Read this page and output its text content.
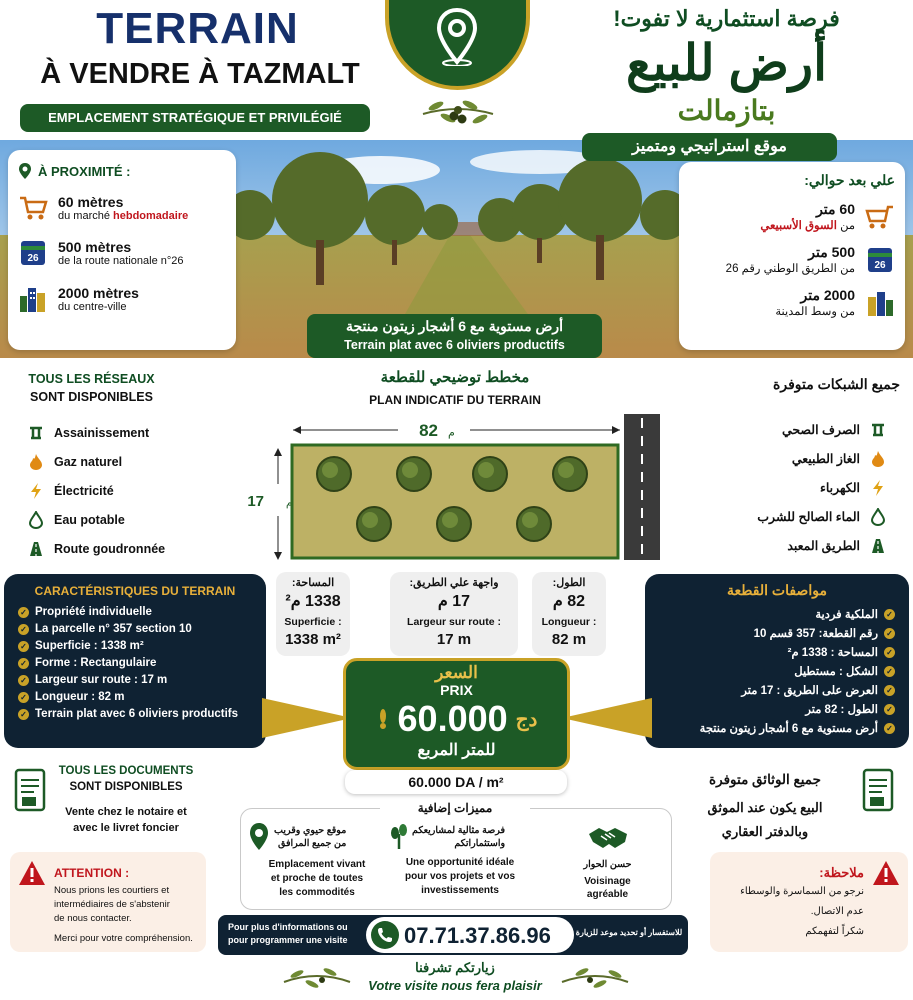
TERRAIN
À VENDRE À TAZMALT
EMPLACEMENT STRATÉGIQUE ET PRIVILÉGIÉ
فرصة استثمارية لا تفوت!
أرض للبيع
بتازمالت
موقع استراتيجي ومتميز
أرض مستوية مع 6 أشجار زيتون منتجة
Terrain plat avec 6 oliviers productifs
À PROXIMITÉ :
60 mètres
du marché hebdomadaire
26
500 mètres
de la route nationale n°26
2000 mètres
du centre-ville
علي بعد حوالي:
60 متر
من السوق الأسبيعي
26
500 متر
من الطريق الوطني رقم 26
2000 متر
من وسط المدينة
TOUS LES RÉSEAUX
SONT DISPONIBLES
Assainissement
Gaz naturel
Électricité
Eau potable
Route goudronnée
جميع الشبكات متوفرة
الصرف الصحي
الغاز الطبيعي
الكهرباء
الماء الصالح للشرب
الطريق المعبد
مخطط توضيحي للقطعة
PLAN INDICATIF DU TERRAIN
82 م
17 م
المساحة:
1338 م²
واجهة علي الطريق:
17 م
الطول:
82 م
Superficie :
1338 m²
Largeur sur route :
17 m
Longueur :
82 m
CARACTÉRISTIQUES DU TERRAIN
✓ Propriété individuelle
✓ La parcelle n° 357 section 10
✓ Superficie : 1338 m²
✓ Forme : Rectangulaire
✓ Largeur sur route : 17 m
✓ Longueur : 82 m
✓ Terrain plat avec 6 oliviers productifs
مواصفات القطعة
✓
الملكية فردية
✓
رقم القطعة: 357 قسم 10
✓
المساحة : 1338 م²
✓
الشكل : مستطيل
✓
العرض على الطريق : 17 متر
✓
الطول : 82 متر
✓
أرض مستوية مع 6 أشجار زيتون منتجة
السعر
PRIX
60.000 دج
للمتر المربع
60.000 DA / m²
TOUS LES DOCUMENTS
SONT DISPONIBLES
Vente chez le notaire et
avec le livret foncier
جميع الوثائق متوفرة
البيع يكون عند الموثق
وبالدفتر العقاري
مميزات إضافية
موقع حيوي وقريب
من جميع المرافق
Emplacement vivant
et proche de toutes
les commodités
فرصة مثالية لمشاريعكم
واستثماراتكم
Une opportunité idéale
pour vos projets et vos
investissements
حسن الحوار
Voisinage
agréable
ATTENTION :
Nous prions les courtiers et
intermédiaires de s'abstenir
de nous contacter.
Merci pour votre compréhension.
ملاحظة:
نرجو من السماسرة والوسطاء
عدم الاتصال.
شكراً لتفهمكم
Pour plus d'informations ou
pour programmer une visite	07.71.37.86.96	للاستفسار أو تحديد موعد للزيارة
زيارتكم تشرفنا
Votre visite nous fera plaisir
